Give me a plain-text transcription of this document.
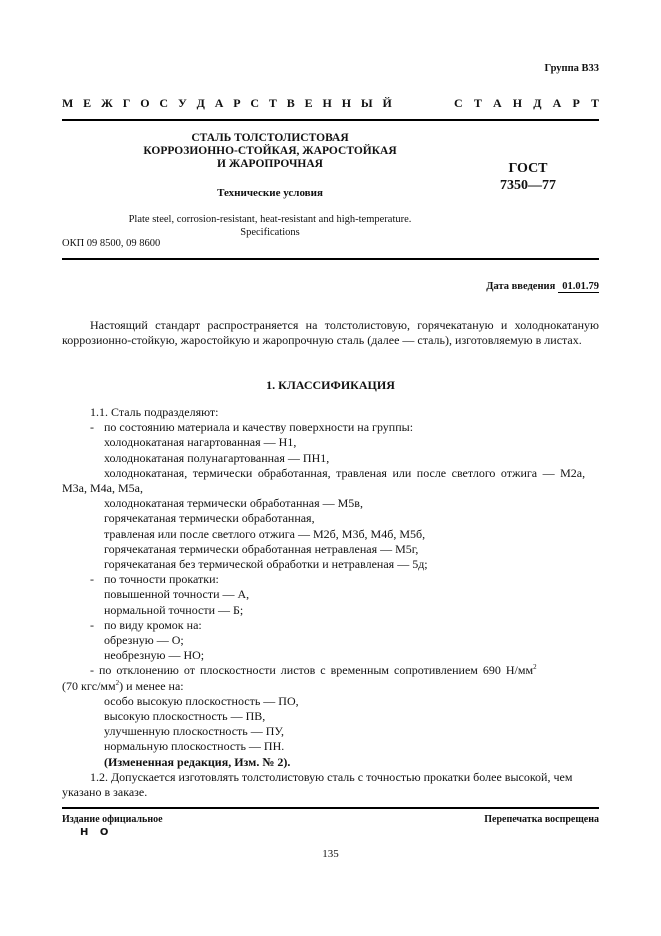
Группа В33
М Е Ж Г О С У Д А Р С Т В Е Н Н Ы Й	С Т А Н Д А Р Т
СТАЛЬ ТОЛСТОЛИСТОВАЯ
КОРРОЗИОННО-СТОЙКАЯ, ЖАРОСТОЙКАЯ
И ЖАРОПРОЧНАЯ	ГОСТ
7350—77
Технические условия
Plate steel, corrosion-resistant, heat-resistant and high-temperature.
Specifications
ОКП 09 8500, 09 8600
Дата введения 01.01.79
Настоящий стандарт распространяется на толстолистовую, горячекатаную и холоднокатаную коррозионно-стойкую, жаростойкую и жаропрочную сталь (далее — сталь), изготовляемую в листах.
1. КЛАССИФИКАЦИЯ
1.1. Сталь подразделяют:
- по состоянию материала и качеству поверхности на группы:
холоднокатаная нагартованная — Н1,
холоднокатаная полунагартованная — ПН1,
холоднокатаная, термически обработанная, травленая или после светлого отжига — М2а,
М3а, М4а, М5а,
холоднокатаная термически обработанная — М5в,
горячекатаная термически обработанная,
травленая или после светлого отжига — М2б, М3б, М4б, М5б,
горячекатаная термически обработанная нетравленая — М5г,
горячекатаная без термической обработки и нетравленая — 5д;
- по точности прокатки:
повышенной точности — А,
нормальной точности — Б;
- по виду кромок на:
обрезную — О;
необрезную — НО;
- по отклонению от плоскостности листов с временным сопротивлением 690 $Н/мм^2$
(70 кгс/$мм^2$) и менее на:
особо высокую плоскостность — ПО,
высокую плоскостность — ПВ,
улучшенную плоскостность — ПУ,
нормальную плоскостность — ПН.
(Измененная редакция, Изм. № 2).
1.2. Допускается изготовлять толстолистовую сталь с точностью прокатки более высокой, чем
указано в заказе.
Издание официальное
Н О
Перепечатка воспрещена
135
